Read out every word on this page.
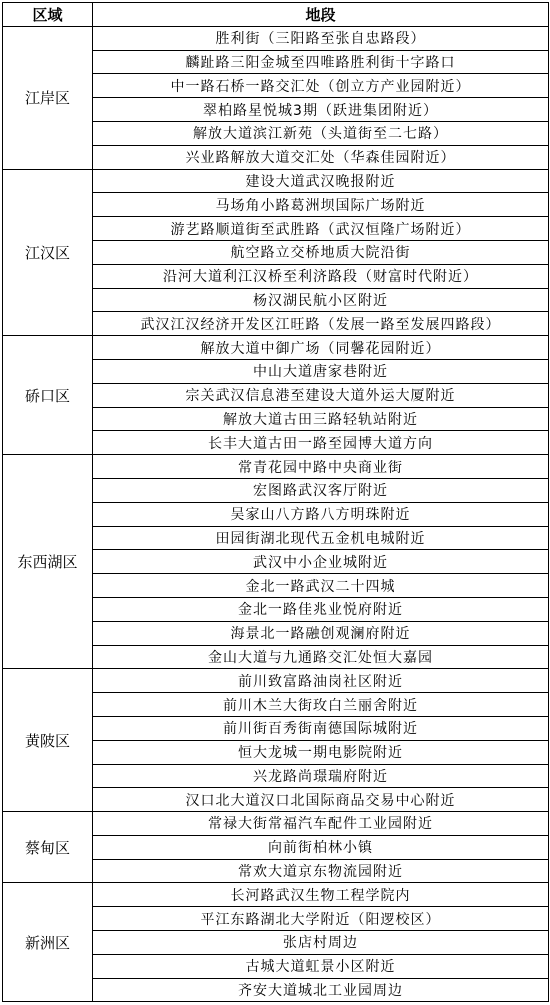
区域	地段
江岸区	胜利街（三阳路至张自忠路段）
	麟趾路三阳金城至四唯路胜利街十字路口
	中一路石桥一路交汇处（创立方产业园附近）
	翠柏路星悦城3期（跃进集团附近）
	解放大道滨江新苑（头道街至二七路）
	兴业路解放大道交汇处（华森佳园附近）
江汉区	建设大道武汉晚报附近
	马场角小路葛洲坝国际广场附近
	游艺路顺道街至武胜路（武汉恒隆广场附近）
	航空路立交桥地质大院沿街
	沿河大道利江汉桥至利济路段（财富时代附近）
	杨汉湖民航小区附近
	武汉江汉经济开发区江旺路（发展一路至发展四路段）
硚口区	解放大道中御广场（同馨花园附近）
	中山大道唐家巷附近
	宗关武汉信息港至建设大道外运大厦附近
	解放大道古田三路轻轨站附近
	长丰大道古田一路至园博大道方向
东西湖区	常青花园中路中央商业街
	宏图路武汉客厅附近
	吴家山八方路八方明珠附近
	田园街湖北现代五金机电城附近
	武汉中小企业城附近
	金北一路武汉二十四城
	金北一路佳兆业悦府附近
	海景北一路融创观澜府附近
	金山大道与九通路交汇处恒大嘉园
黄陂区	前川致富路油岗社区附近
	前川木兰大街玫白兰丽舍附近
	前川街百秀街南德国际城附近
	恒大龙城一期电影院附近
	兴龙路尚璟瑞府附近
	汉口北大道汉口北国际商品交易中心附近
蔡甸区	常禄大街常福汽车配件工业园附近
	向前街柏林小镇
	常欢大道京东物流园附近
新洲区	长河路武汉生物工程学院内
	平江东路湖北大学附近（阳逻校区）
	张店村周边
	古城大道虹景小区附近
	齐安大道城北工业园周边
